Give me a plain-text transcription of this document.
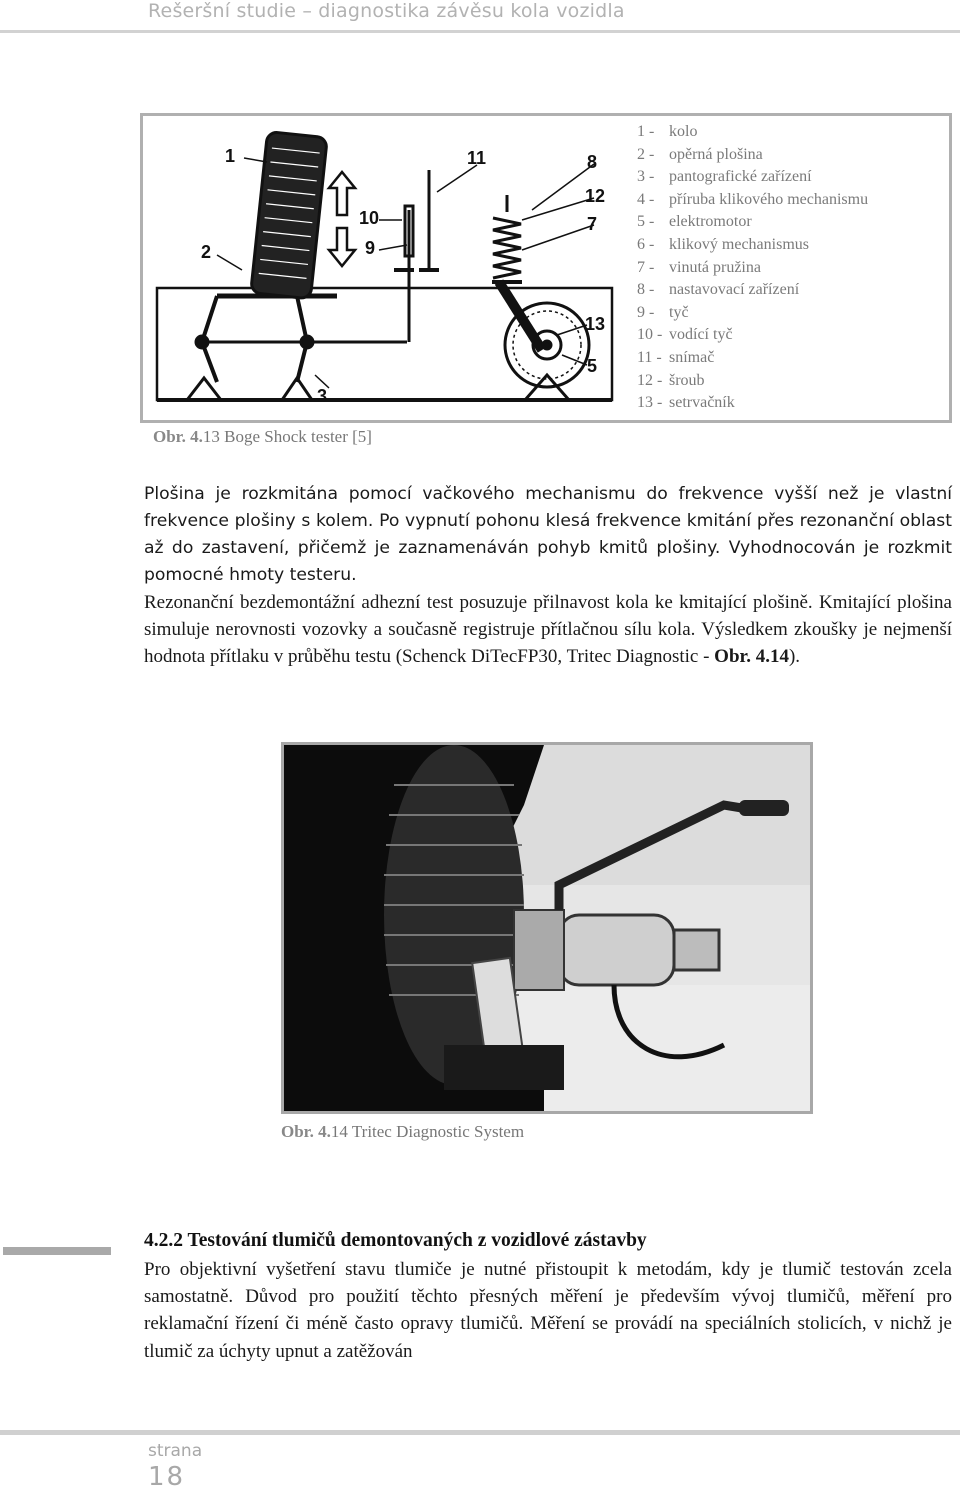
Rešeršní studie – diagnostika závěsu kola vozidla
1
2
3
8
9
10
11
12
7
13
5
1 - kolo
2 - opěrná plošina
3 - pantografické zařízení
4 - příruba klikového mechanismu
5 - elektromotor
6 - klikový mechanismus
7 - vinutá pružina
8 - nastavovací zařízení
9 - tyč
10 - vodící tyč
11 - snímač
12 - šroub
13 - setrvačník
Obr. 4.13 Boge Shock tester [5]
Plošina je rozkmitána pomocí vačkového mechanismu do frekvence vyšší než je vlastní frekvence plošiny s kolem. Po vypnutí pohonu klesá frekvence kmitání přes rezonanční oblast až do zastavení, přičemž je zaznamenáván pohyb kmitů plošiny. Vyhodnocován je rozkmit pomocné hmoty testeru.
Rezonanční bezdemontážní adhezní test posuzuje přilnavost kola ke kmitající plošině. Kmitající plošina simuluje nerovnosti vozovky a současně registruje přítlačnou sílu kola. Výsledkem zkoušky je nejmenší hodnota přítlaku v průběhu testu (Schenck DiTecFP30, Tritec Diagnostic - Obr. 4.14).
Obr. 4.14 Tritec Diagnostic System
4.2.2 Testování tlumičů demontovaných z vozidlové zástavby
Pro objektivní vyšetření stavu tlumiče je nutné přistoupit k metodám, kdy je tlumič testován zcela samostatně. Důvod pro použití těchto přesných měření je především vývoj tlumičů, měření pro reklamační řízení či méně často opravy tlumičů. Měření se provádí na speciálních stolicích, v nichž je tlumič za úchyty upnut a zatěžován
strana
18
